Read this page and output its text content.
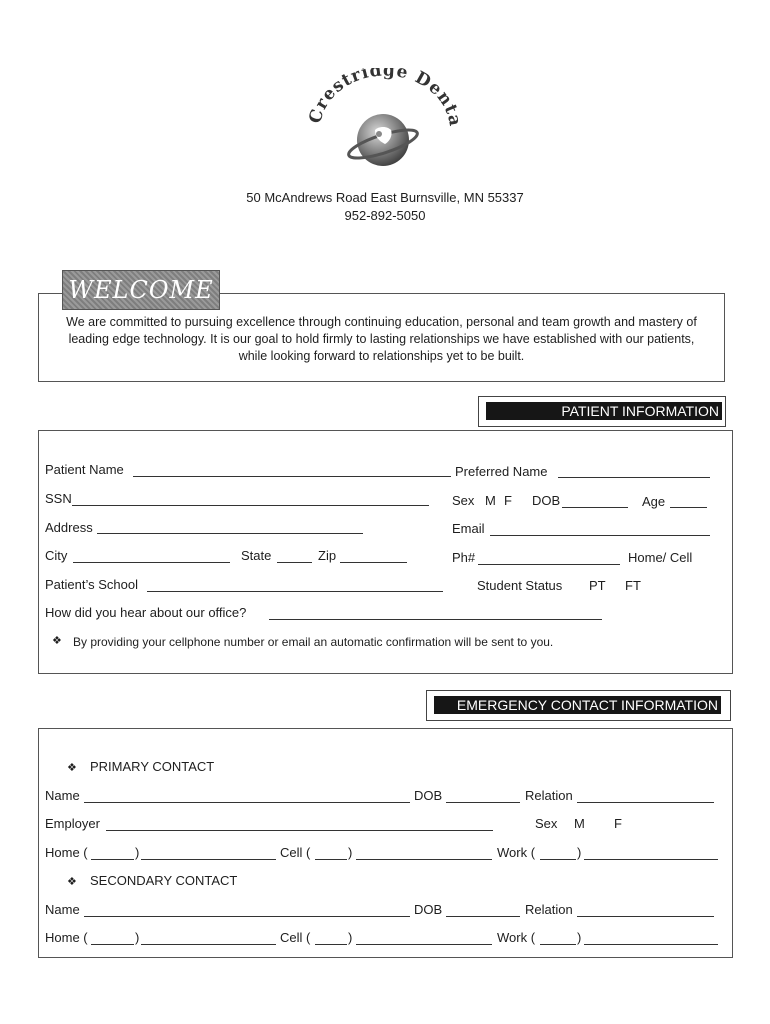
Crestridge Denta
50 McAndrews Road East Burnsville, MN 55337
952-892-5050
WELCOME
We are committed to pursuing excellence through continuing education, personal and team growth and mastery of
leading edge technology. It is our goal to hold firmly to lasting relationships we have established with our patients,
while looking forward to relationships yet to be built.
PATIENT INFORMATION
Patient Name	Preferred Name
SSN	Sex M F DOB	Age
Address	Email
City	State	Zip	Ph#	Home/ Cell
Patient’s School	Student Status PT FT
How did you hear about our office?
❖ By providing your cellphone number or email an automatic confirmation will be sent to you.
EMERGENCY CONTACT INFORMATION
❖ PRIMARY CONTACT
Name	DOB	Relation
Employer	Sex M F
Home (	)	Cell (	)	Work (	)
❖ SECONDARY CONTACT
Name	DOB	Relation
Home (	)	Cell (	)	Work (	)
